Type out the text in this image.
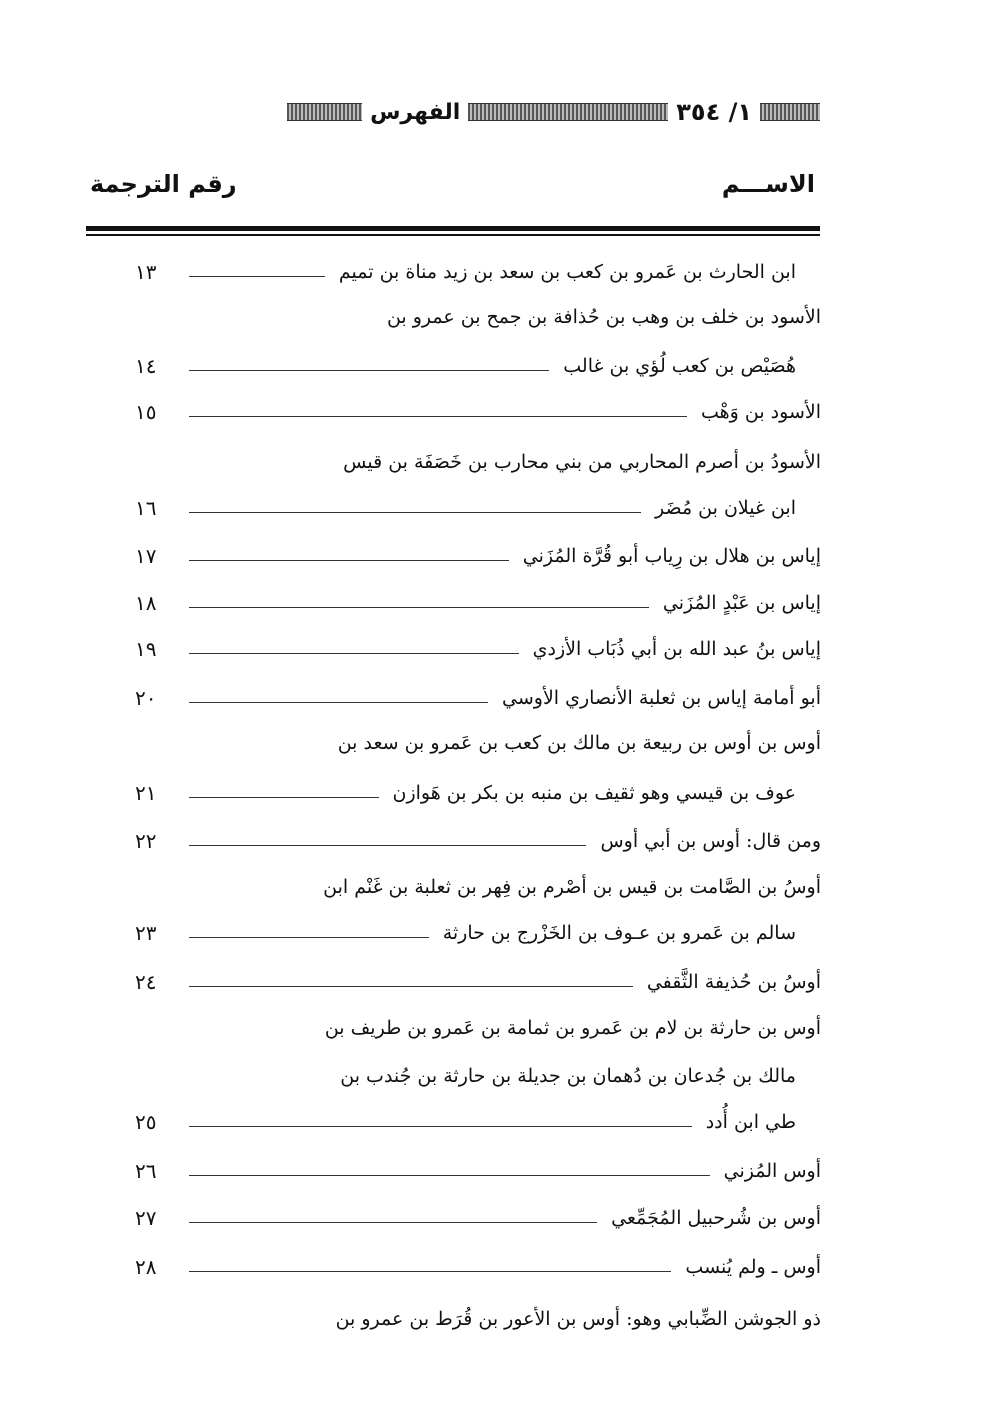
١/ ٣٥٤
الفهرس
الاســـم
رقم الترجمة
ابن الحارث بن عَمرو بن كعب بن سعد بن زيد مناة بن تميم
١٣
الأسود بن خلف بن وهب بن حُذافة بن جمح بن عمرو بن
هُصَيْص بن كعب لُؤي بن غالب
١٤
الأسود بن وَهْب
١٥
الأسودُ بن أصرم المحاربي من بني محارب بن خَصَفَة بن قيس
ابن غيلان بن مُضَر
١٦
إياس بن هلال بن رِياب أبو قُرَّة المُزَني
١٧
إياس بن عَبْدٍ المُزَني
١٨
إياس بنُ عبد الله بن أبي ذُبَاب الأزدي
١٩
أبو أمامة إياس بن ثعلبة الأنصاري الأوسي
٢٠
أوس بن أوس بن ربيعة بن مالك بن كعب بن عَمرو بن سعد بن
عوف بن قيسي وهو ثقيف بن منبه بن بكر بن هَوازن
٢١
ومن قال: أوس بن أبي أوس
٢٢
أوسُ بن الصَّامت بن قيس بن أصْرم بن فِهر بن ثعلبة بن غَنْم ابن
سالم بن عَمرو بن عـوف بن الخَزْرج بن حارثة
٢٣
أوسُ بن حُذيفة الثَّقفي
٢٤
أوس بن حارثة بن لام بن عَمرو بن ثمامة بن عَمرو بن طريف بن
مالك بن جُدعان بن دُهمان بن جديلة بن حارثة بن جُندب بن
طي ابن أُدد
٢٥
أوس المُزني
٢٦
أوس بن شُرحبيل المُجَمِّعي
٢٧
أوس ـ ولم يُنسب
٢٨
ذو الجوشن الضِّبابي وهو: أوس بن الأعور بن قُرَط بن عمرو بن
